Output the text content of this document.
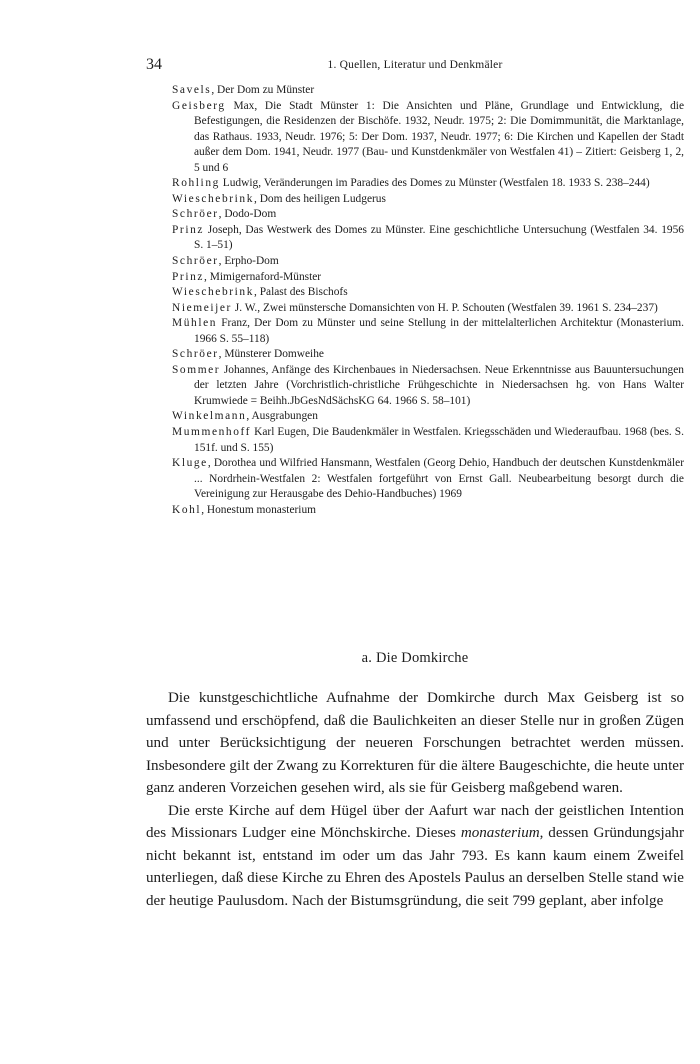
34	1. Quellen, Literatur und Denkmäler
Savels, Der Dom zu Münster
Geisberg Max, Die Stadt Münster 1: Die Ansichten und Pläne, Grundlage und Entwicklung, die Befestigungen, die Residenzen der Bischöfe. 1932, Neudr. 1975; 2: Die Domimmunität, die Marktanlage, das Rathaus. 1933, Neudr. 1976; 5: Der Dom. 1937, Neudr. 1977; 6: Die Kirchen und Kapellen der Stadt außer dem Dom. 1941, Neudr. 1977 (Bau- und Kunstdenkmäler von Westfalen 41) – Zitiert: Geisberg 1, 2, 5 und 6
Rohling Ludwig, Veränderungen im Paradies des Domes zu Münster (Westfalen 18. 1933 S. 238–244)
Wieschebrink, Dom des heiligen Ludgerus
Schröer, Dodo-Dom
Prinz Joseph, Das Westwerk des Domes zu Münster. Eine geschichtliche Untersuchung (Westfalen 34. 1956 S. 1–51)
Schröer, Erpho-Dom
Prinz, Mimigernaford-Münster
Wieschebrink, Palast des Bischofs
Niemeijer J. W., Zwei münstersche Domansichten von H. P. Schouten (Westfalen 39. 1961 S. 234–237)
Mühlen Franz, Der Dom zu Münster und seine Stellung in der mittelalterlichen Architektur (Monasterium. 1966 S. 55–118)
Schröer, Münsterer Domweihe
Sommer Johannes, Anfänge des Kirchenbaues in Niedersachsen. Neue Erkenntnisse aus Bauuntersuchungen der letzten Jahre (Vorchristlich-christliche Frühgeschichte in Niedersachsen hg. von Hans Walter Krumwiede = Beihh.JbGesNdSächsKG 64. 1966 S. 58–101)
Winkelmann, Ausgrabungen
Mummenhoff Karl Eugen, Die Baudenkmäler in Westfalen. Kriegsschäden und Wiederaufbau. 1968 (bes. S. 151f. und S. 155)
Kluge, Dorothea und Wilfried Hansmann, Westfalen (Georg Dehio, Handbuch der deutschen Kunstdenkmäler ... Nordrhein-Westfalen 2: Westfalen fortgeführt von Ernst Gall. Neubearbeitung besorgt durch die Vereinigung zur Herausgabe des Dehio-Handbuches) 1969
Kohl, Honestum monasterium
a. Die Domkirche

Die kunstgeschichtliche Aufnahme der Domkirche durch Max Geisberg ist so umfassend und erschöpfend, daß die Baulichkeiten an dieser Stelle nur in großen Zügen und unter Berücksichtigung der neueren Forschungen betrachtet werden müssen. Insbesondere gilt der Zwang zu Korrekturen für die ältere Baugeschichte, die heute unter ganz anderen Vorzeichen gesehen wird, als sie für Geisberg maßgebend waren.

Die erste Kirche auf dem Hügel über der Aafurt war nach der geistlichen Intention des Missionars Ludger eine Mönchskirche. Dieses monasterium, dessen Gründungsjahr nicht bekannt ist, entstand im oder um das Jahr 793. Es kann kaum einem Zweifel unterliegen, daß diese Kirche zu Ehren des Apostels Paulus an derselben Stelle stand wie der heutige Paulusdom. Nach der Bistumsgründung, die seit 799 geplant, aber infolge
